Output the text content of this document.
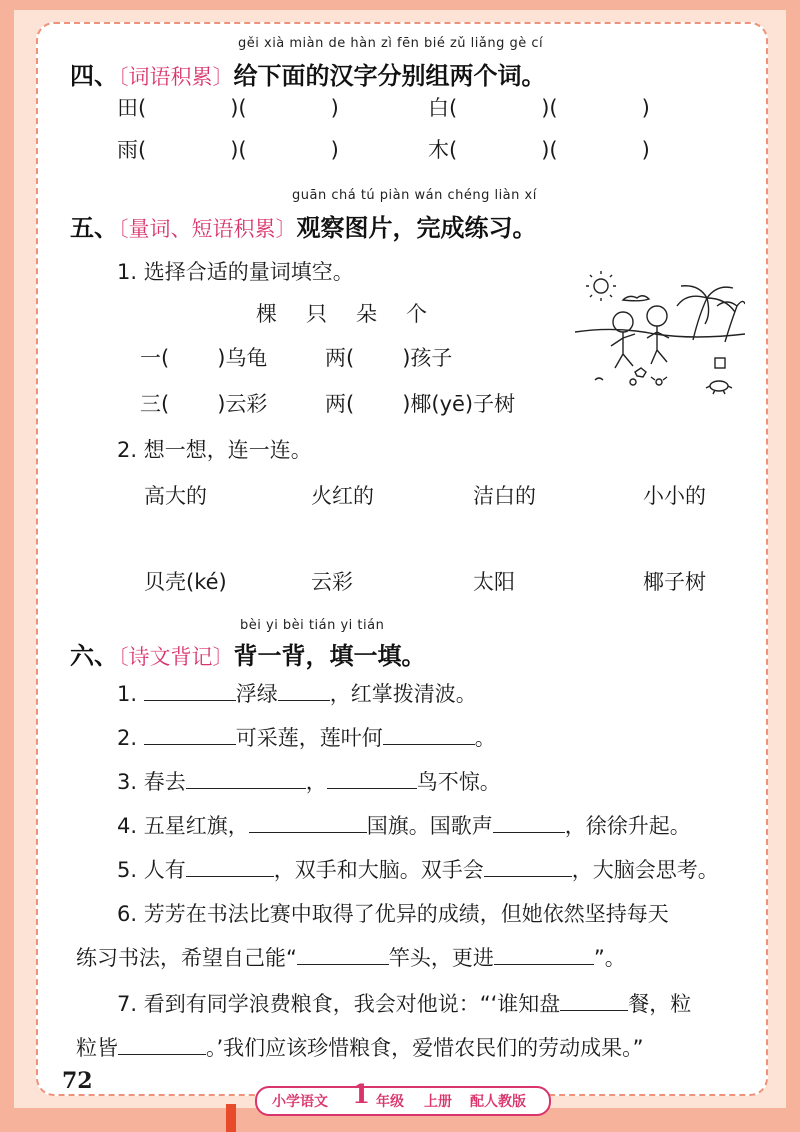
gěi xià miàn de hàn zì fēn bié zǔ liǎng gè cí
四、〔词语积累〕给下面的汉字分别组两个词。
田(　　　　)(　　　　)	白(　　　　)(　　　　)
雨(　　　　)(　　　　)	木(　　　　)(　　　　)
guān chá tú piàn wán chéng liàn xí
五、〔量词、短语积累〕观察图片，完成练习。
1. 选择合适的量词填空。
棵　只　朵　个
一( )乌龟	两( )孩子
三( )云彩	两( )椰(yē)子树
2. 想一想，连一连。
高大的	火红的	洁白的	小小的
贝壳(ké)	云彩	太阳	椰子树
bèi yi bèi tián yi tián
六、〔诗文背记〕背一背，填一填。
1.	浮绿 ，红掌拨清波。
2.	可采莲，莲叶何	。
3. 春去	，	鸟不惊。
4. 五星红旗，	国旗。国歌声	，徐徐升起。
5. 人有	，双手和大脑。双手会	，大脑会思考。
6. 芳芳在书法比赛中取得了优异的成绩，但她依然坚持每天
练习书法，希望自己能“	竿头，更进	”。
7. 看到有同学浪费粮食，我会对他说：“‘谁知盘	餐，粒
粒皆	。’我们应该珍惜粮食，爱惜农民们的劳动成果。”
72
小学语文 1 年级 上册 配人教版
